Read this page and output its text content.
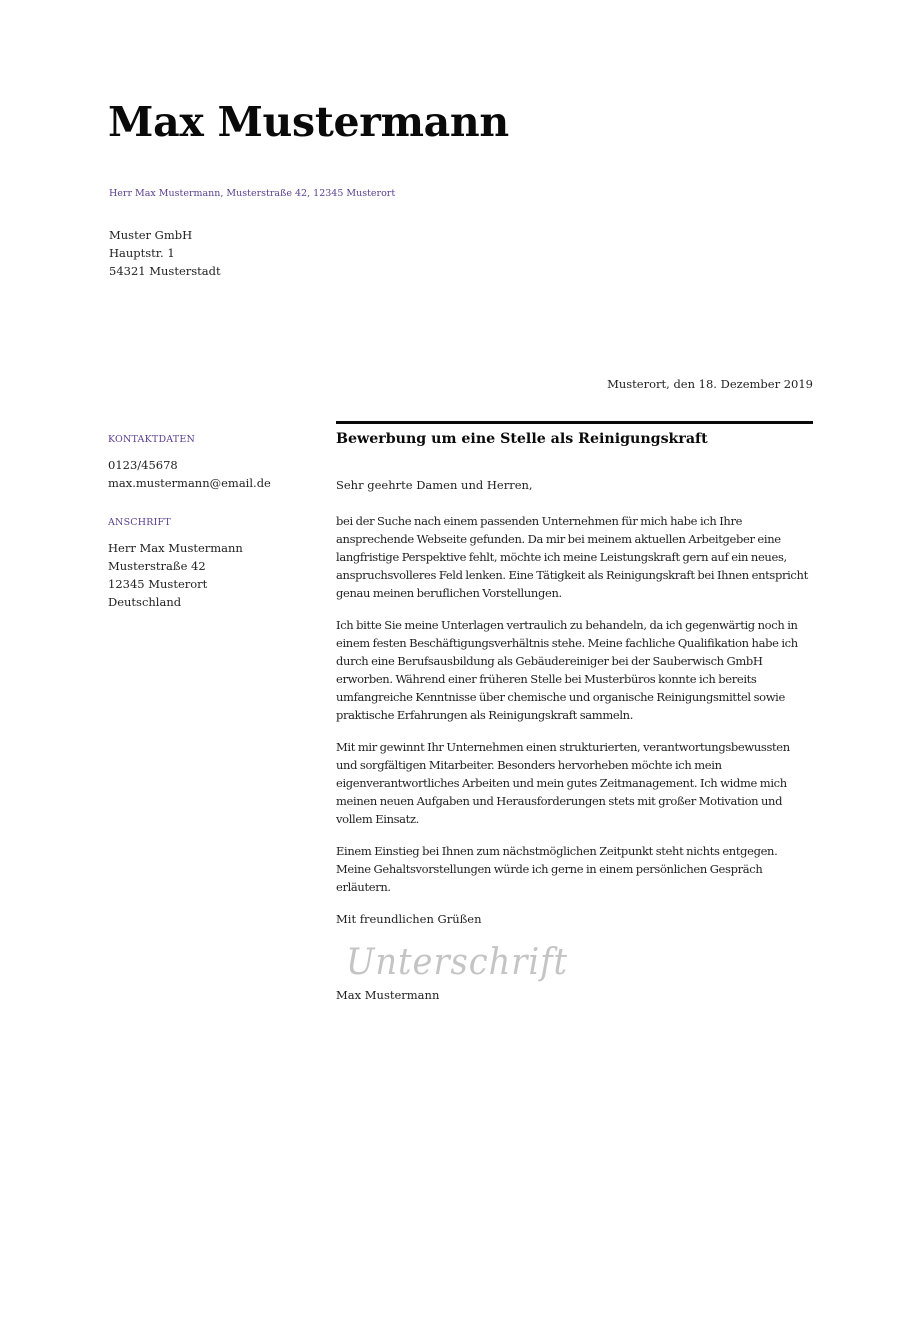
Max Mustermann
Herr Max Mustermann, Musterstraße 42, 12345 Musterort
Muster GmbH
Hauptstr. 1
54321 Musterstadt
Musterort, den 18. Dezember 2019
KONTAKTDATEN
0123/45678
max.mustermann@email.de
ANSCHRIFT
Herr Max Mustermann
Musterstraße 42
12345 Musterort
Deutschland
Bewerbung um eine Stelle als Reinigungskraft

Sehr geehrte Damen und Herren,

bei der Suche nach einem passenden Unternehmen für mich habe ich Ihre ansprechende Webseite gefunden. Da mir bei meinem aktuellen Arbeitgeber eine langfristige Perspektive fehlt, möchte ich meine Leistungskraft gern auf ein neues, anspruchsvolleres Feld lenken. Eine Tätigkeit als Reinigungskraft bei Ihnen entspricht genau meinen beruflichen Vorstellungen.

Ich bitte Sie meine Unterlagen vertraulich zu behandeln, da ich gegenwärtig noch in einem festen Beschäftigungsverhältnis stehe. Meine fachliche Qualifikation habe ich durch eine Berufsausbildung als Gebäudereiniger bei der Sauberwisch GmbH erworben. Während einer früheren Stelle bei Musterbüros konnte ich bereits umfangreiche Kenntnisse über chemische und organische Reinigungsmittel sowie praktische Erfahrungen als Reinigungskraft sammeln.

Mit mir gewinnt Ihr Unternehmen einen strukturierten, verantwortungsbewussten und sorgfältigen Mitarbeiter. Besonders hervorheben möchte ich mein eigenverantwortliches Arbeiten und mein gutes Zeitmanagement. Ich widme mich meinen neuen Aufgaben und Herausforderungen stets mit großer Motivation und vollem Einsatz.

Einem Einstieg bei Ihnen zum nächstmöglichen Zeitpunkt steht nichts entgegen. Meine Gehaltsvorstellungen würde ich gerne in einem persönlichen Gespräch erläutern.

Mit freundlichen Grüßen

Unterschrift

Max Mustermann
